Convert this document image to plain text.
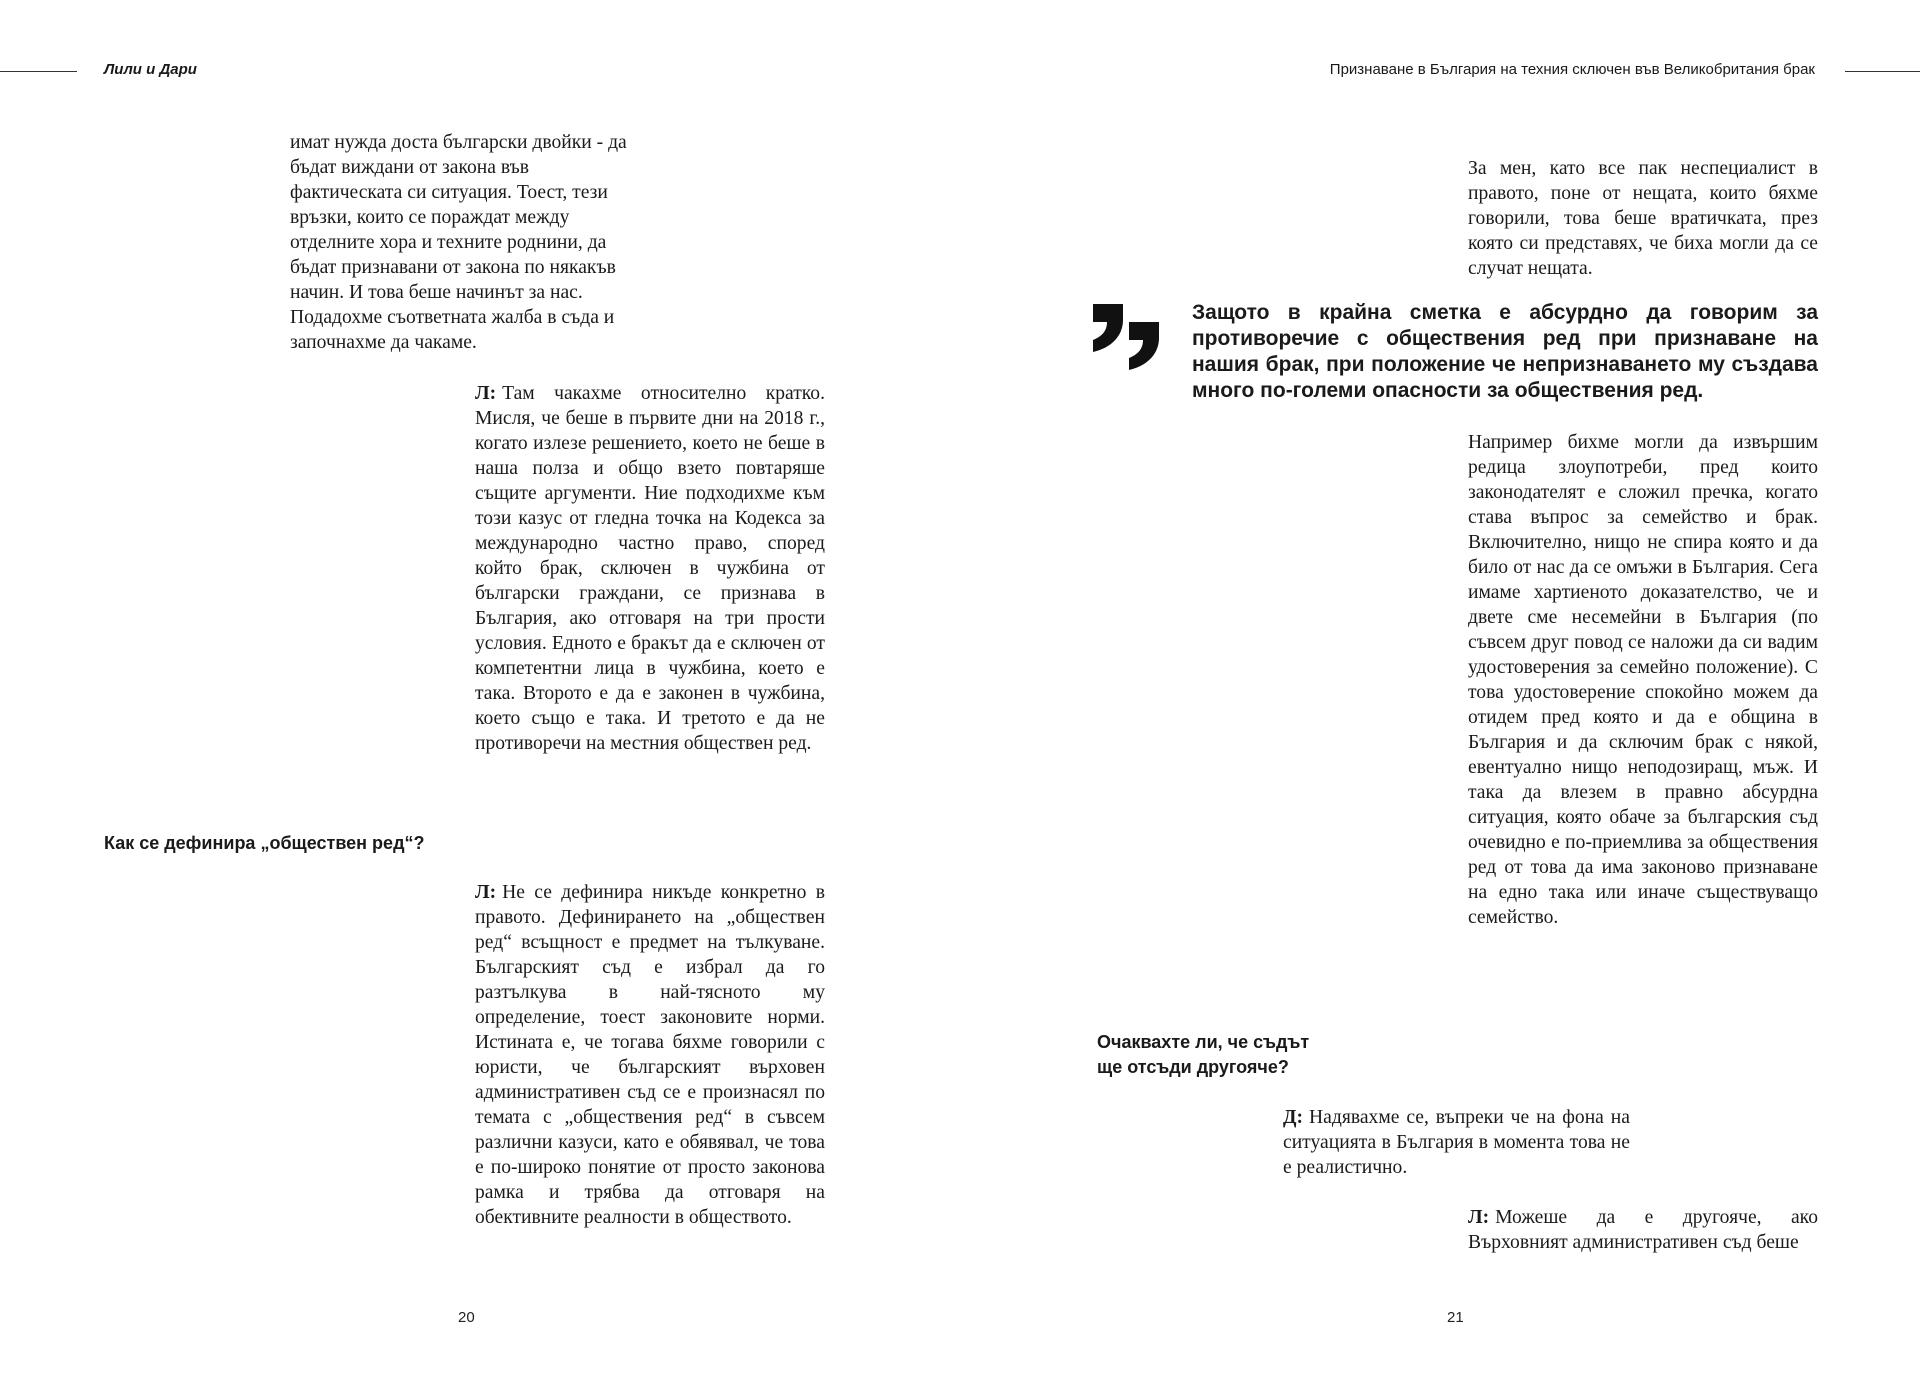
Лили и Дари	Признаване в България на техния сключен във Великобритания брак

имат нужда доста български двойки - да бъдат виждани от закона във фактическата си ситуация. Тоест, тези връзки, които се пораждат между отделните хора и техните роднини, да бъдат признавани от закона по някакъв начин. И това беше начинът за нас. Подадохме съответната жалба в съда и започнахме да чакаме.

Л: Там чакахме относително кратко. Мисля, че беше в първите дни на 2018 г., когато излезе решението, което не беше в наша полза и общо взето повтаряше същите аргументи. Ние подходихме към този казус от гледна точка на Кодекса за международно частно право, според който брак, сключен в чужбина от български граждани, се признава в България, ако отговаря на три прости условия. Едното е бракът да е сключен от компетентни лица в чужбина, което е така. Второто е да е законен в чужбина, което също е така. И третото е да не противоречи на местния обществен ред.

Как се дефинира „обществен ред“?

Л: Не се дефинира никъде конкретно в правото. Дефинирането на „обществен ред“ всъщност е предмет на тълкуване. Българският съд е избрал да го разтълкува в най-тясното му определение, тоест законовите норми. Истината е, че тогава бяхме говорили с юристи, че българският върховен административен съд се е произнасял по темата с „обществения ред“ в съвсем различни казуси, като е обявявал, че това е по-широко понятие от просто законова рамка и трябва да отговаря на обективните реалности в обществото.

20

За мен, като все пак неспециалист в правото, поне от нещата, които бяхме говорили, това беше вратичката, през която си представях, че биха могли да се случат нещата.

Защото в крайна сметка е абсурдно да говорим за противоречие с обществения ред при признаване на нашия брак, при положение че непризнаването му създава много по-големи опасности за обществения ред.

Например бихме могли да извършим редица злоупотреби, пред които законодателят е сложил пречка, когато става въпрос за семейство и брак. Включително, нищо не спира която и да било от нас да се омъжи в България. Сега имаме хартиеното доказателство, че и двете сме несемейни в България (по съвсем друг повод се наложи да си вадим удостоверения за семейно положение). С това удостоверение спокойно можем да отидем пред която и да е община в България и да сключим брак с някой, евентуално нищо неподозиращ, мъж. И така да влезем в правно абсурдна ситуация, която обаче за българския съд очевидно е по-приемлива за обществения ред от това да има законово признаване на едно така или иначе съществуващо семейство.

Очаквахте ли, че съдът
ще отсъди другояче?

Д: Надявахме се, въпреки че на фона на ситуацията в България в момента това не е реалистично.

Л: Можеше да е другояче, ако Върховният административен съд беше

21
